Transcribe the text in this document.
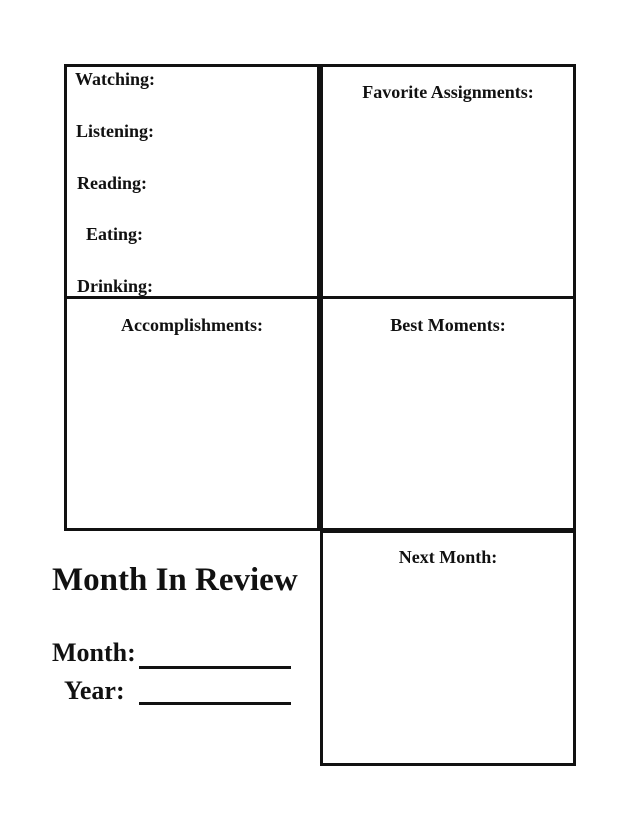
Watching:
Listening:
Reading:
Eating:
Drinking:
Favorite Assignments:
Accomplishments:	Best Moments:
Next Month:
Month In Review
Month:
Year:
